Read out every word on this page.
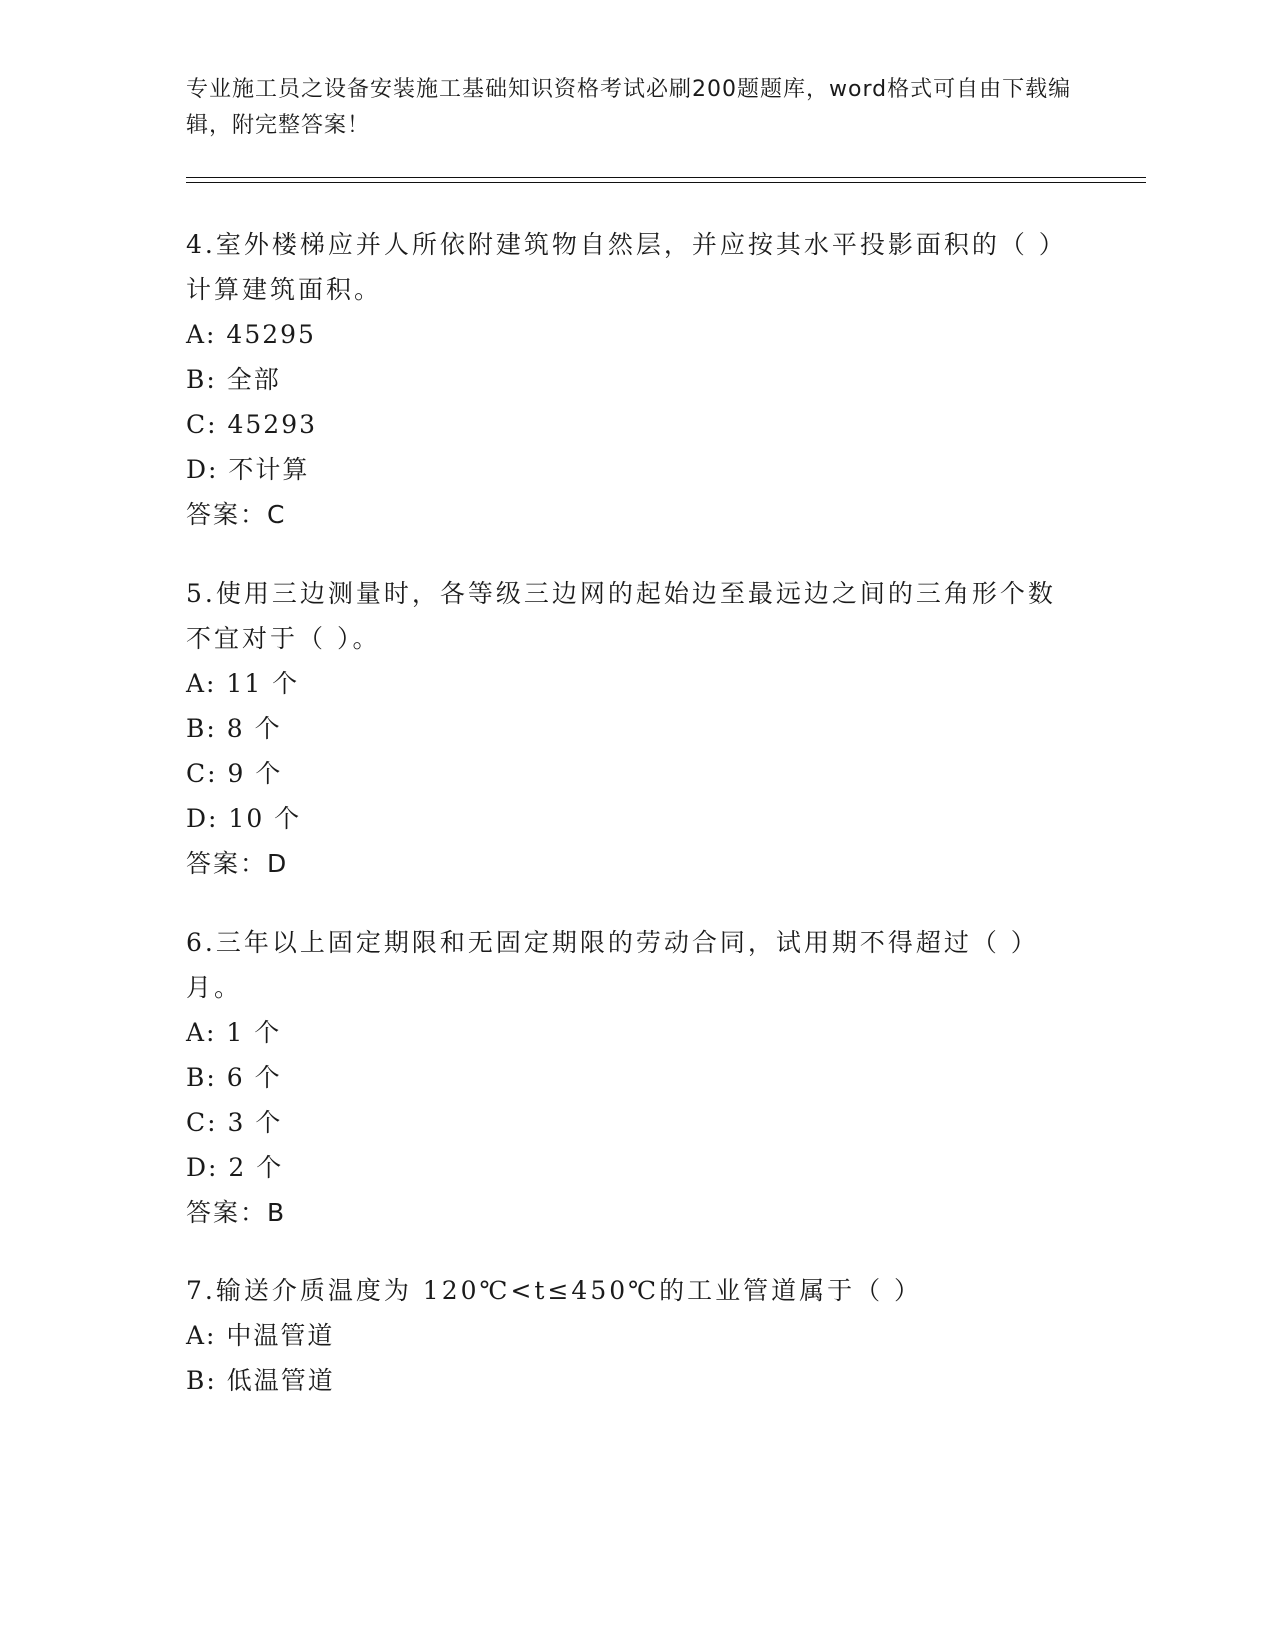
专业施工员之设备安装施工基础知识资格考试必刷200题题库，word格式可自由下载编辑，附完整答案！
4.室外楼梯应并人所依附建筑物自然层，并应按其水平投影面积的（ ）计算建筑面积。
A: 45295
B: 全部
C: 45293
D: 不计算
答案：C
5.使用三边测量时，各等级三边网的起始边至最远边之间的三角形个数不宜对于（ ）。
A: 11 个
B: 8 个
C: 9 个
D: 10 个
答案：D
6.三年以上固定期限和无固定期限的劳动合同，试用期不得超过（ ）月。
A: 1 个
B: 6 个
C: 3 个
D: 2 个
答案：B
7.输送介质温度为 120℃<t≤450℃的工业管道属于（ ）
A: 中温管道
B: 低温管道
